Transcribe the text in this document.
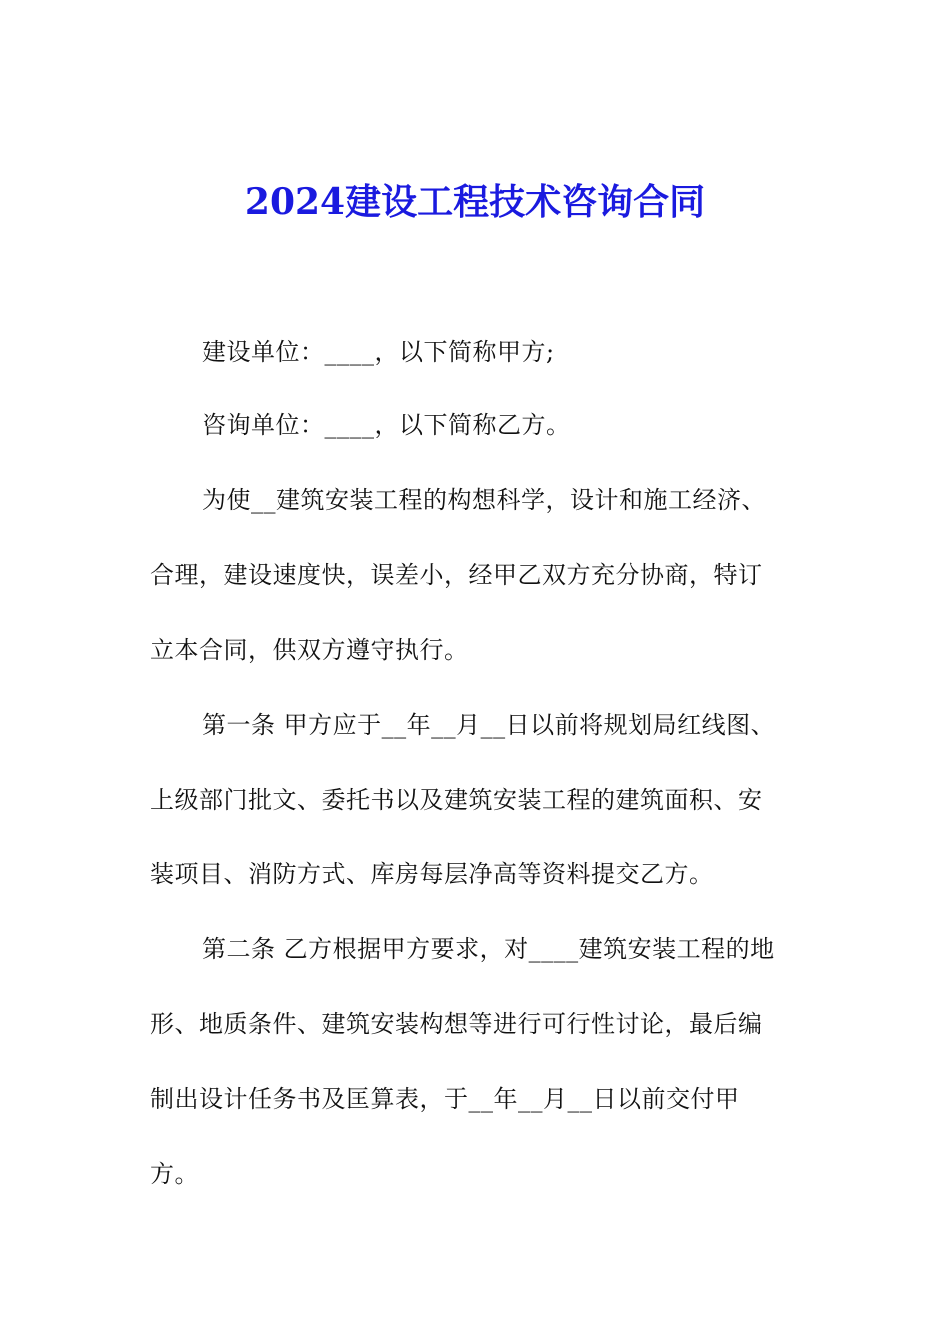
2024建设工程技术咨询合同
建设单位：____，以下简称甲方;
咨询单位：____，以下简称乙方。
为使__建筑安装工程的构想科学，设计和施工经济、
合理，建设速度快，误差小，经甲乙双方充分协商，特订
立本合同，供双方遵守执行。
第一条 甲方应于__年__月__日以前将规划局红线图、
上级部门批文、委托书以及建筑安装工程的建筑面积、安
装项目、消防方式、库房每层净高等资料提交乙方。
第二条 乙方根据甲方要求，对____建筑安装工程的地
形、地质条件、建筑安装构想等进行可行性讨论，最后编
制出设计任务书及匡算表，于__年__月__日以前交付甲
方。
